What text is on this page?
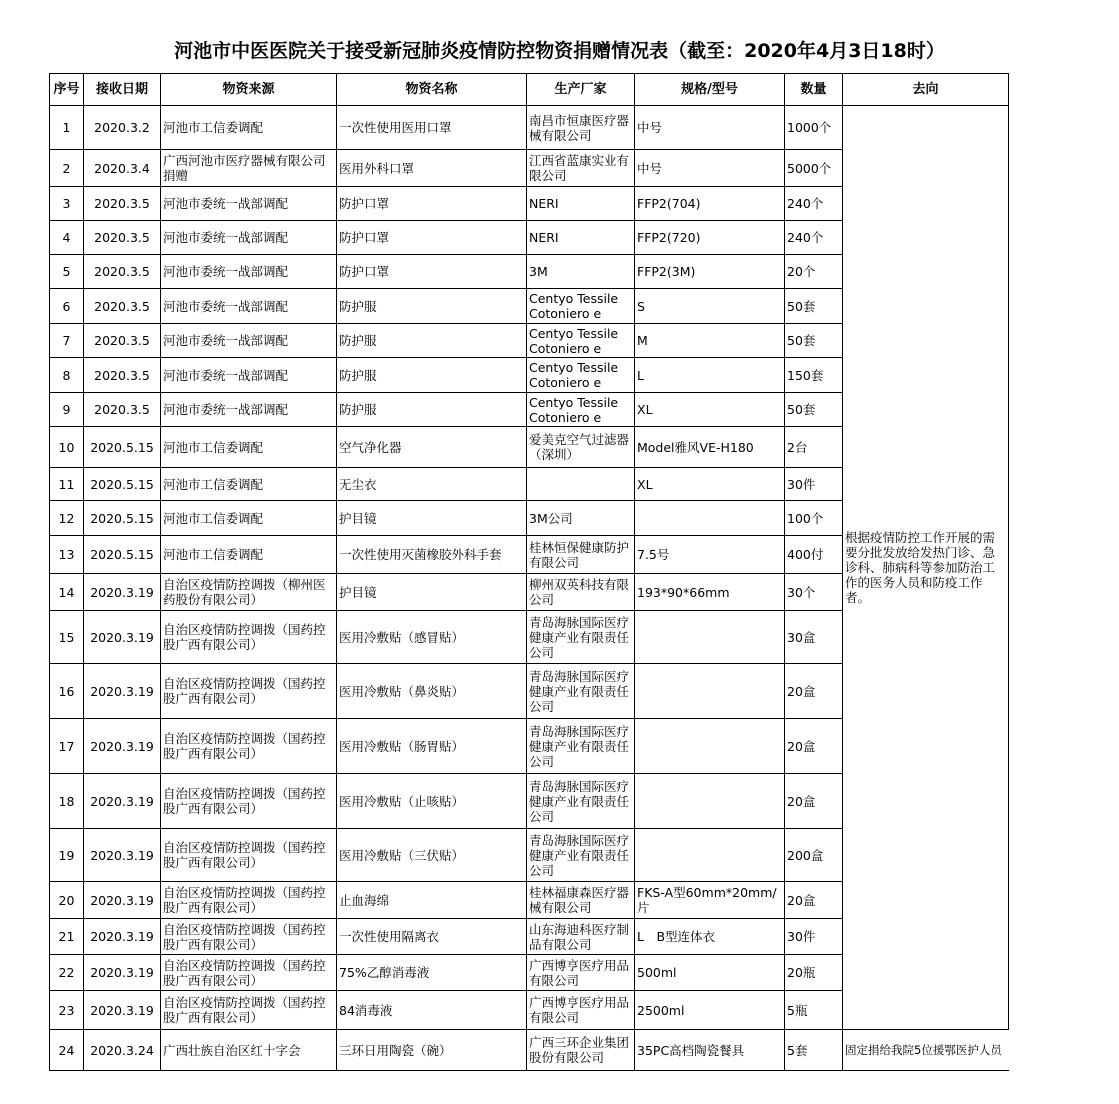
河池市中医医院关于接受新冠肺炎疫情防控物资捐赠情况表（截至：2020年4月3日18时）
序号	接收日期	物资来源	物资名称	生产厂家	规格/型号	数量	去向
1	2020.3.2	河池市工信委调配	一次性使用医用口罩	南昌市恒康医疗器械有限公司	中号	1000个	根据疫情防控工作开展的需要分批发放给发热门诊、急诊科、肺病科等参加防治工作的医务人员和防疫工作者。
2	2020.3.4	广西河池市医疗器械有限公司捐赠	医用外科口罩	江西省蓝康实业有限公司	中号	5000个	
3	2020.3.5	河池市委统一战部调配	防护口罩	NERI	FFP2(704)	240个	
4	2020.3.5	河池市委统一战部调配	防护口罩	NERI	FFP2(720)	240个	
5	2020.3.5	河池市委统一战部调配	防护口罩	3M	FFP2(3M)	20个	
6	2020.3.5	河池市委统一战部调配	防护服	Centyo Tessile Cotoniero e	S	50套	
7	2020.3.5	河池市委统一战部调配	防护服	Centyo Tessile Cotoniero e	M	50套	
8	2020.3.5	河池市委统一战部调配	防护服	Centyo Tessile Cotoniero e	L	150套	
9	2020.3.5	河池市委统一战部调配	防护服	Centyo Tessile Cotoniero e	XL	50套	
10	2020.5.15	河池市工信委调配	空气净化器	爱美克空气过滤器（深圳）	Model雅风VE-H180	2台	
11	2020.5.15	河池市工信委调配	无尘衣		XL	30件	
12	2020.5.15	河池市工信委调配	护目镜	3M公司		100个	
13	2020.5.15	河池市工信委调配	一次性使用灭菌橡胶外科手套	桂林恒保健康防护有限公司	7.5号	400付	
14	2020.3.19	自治区疫情防控调拨（柳州医药股份有限公司）	护目镜	柳州双英科技有限公司	193*90*66mm	30个	
15	2020.3.19	自治区疫情防控调拨（国药控股广西有限公司）	医用冷敷贴（感冒贴）	青岛海脉国际医疗健康产业有限责任公司		30盒	
16	2020.3.19	自治区疫情防控调拨（国药控股广西有限公司）	医用冷敷贴（鼻炎贴）	青岛海脉国际医疗健康产业有限责任公司		20盒	
17	2020.3.19	自治区疫情防控调拨（国药控股广西有限公司）	医用冷敷贴（肠胃贴）	青岛海脉国际医疗健康产业有限责任公司		20盒	
18	2020.3.19	自治区疫情防控调拨（国药控股广西有限公司）	医用冷敷贴（止咳贴）	青岛海脉国际医疗健康产业有限责任公司		20盒	
19	2020.3.19	自治区疫情防控调拨（国药控股广西有限公司）	医用冷敷贴（三伏贴）	青岛海脉国际医疗健康产业有限责任公司		200盒	
20	2020.3.19	自治区疫情防控调拨（国药控股广西有限公司）	止血海绵	桂林福康森医疗器械有限公司	FKS-A型60mm*20mm/片	20盒	
21	2020.3.19	自治区疫情防控调拨（国药控股广西有限公司）	一次性使用隔离衣	山东海迪科医疗制品有限公司	L　B型连体衣	30件	
22	2020.3.19	自治区疫情防控调拨（国药控股广西有限公司）	75%乙醇消毒液	广西博亨医疗用品有限公司	500ml	20瓶	
23	2020.3.19	自治区疫情防控调拨（国药控股广西有限公司）	84消毒液	广西博亨医疗用品有限公司	2500ml	5瓶	
24	2020.3.24	广西壮族自治区红十字会	三环日用陶瓷（碗）	广西三环企业集团股份有限公司	35PC高档陶瓷餐具	5套	固定捐给我院5位援鄂医护人员
